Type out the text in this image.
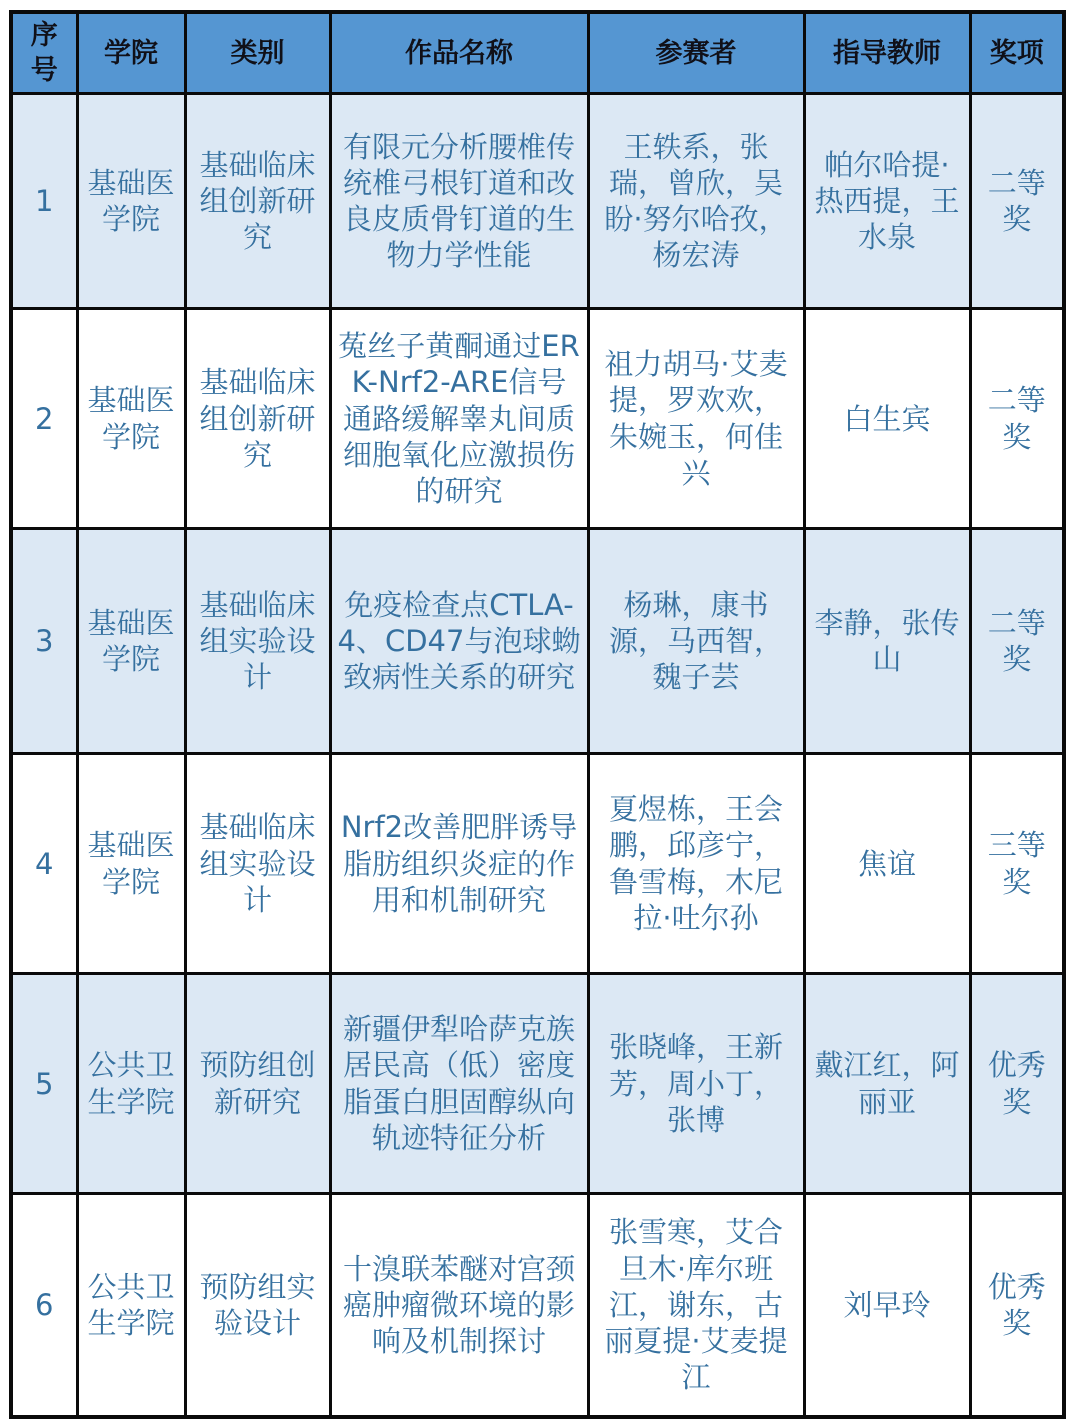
序号	学院	类别	作品名称	参赛者	指导教师	奖项
1	基础医学院	基础临床组创新研究	有限元分析腰椎传统椎弓根钉道和改良皮质骨钉道的生物力学性能	王轶系，张瑞，曾欣，吴盼·努尔哈孜，杨宏涛	帕尔哈提·热西提，王水泉	二等奖
2	基础医学院	基础临床组创新研究	菟丝子黄酮通过ERK-Nrf2-ARE信号通路缓解睾丸间质细胞氧化应激损伤的研究	祖力胡马·艾麦提，罗欢欢，朱婉玉，何佳兴	白生宾	二等奖
3	基础医学院	基础临床组实验设计	免疫检查点CTLA-4、CD47与泡球蚴致病性关系的研究	杨琳，康书源，马西智，魏子芸	李静，张传山	二等奖
4	基础医学院	基础临床组实验设计	Nrf2改善肥胖诱导脂肪组织炎症的作用和机制研究	夏煜栋，王会鹏，邱彦宁，鲁雪梅，木尼拉·吐尔孙	焦谊	三等奖
5	公共卫生学院	预防组创新研究	新疆伊犁哈萨克族居民高（低）密度脂蛋白胆固醇纵向轨迹特征分析	张晓峰，王新芳，周小丁，张博	戴江红，阿丽亚	优秀奖
6	公共卫生学院	预防组实验设计	十溴联苯醚对宫颈癌肿瘤微环境的影响及机制探讨	张雪寒，艾合旦木·库尔班江，谢东，古丽夏提·艾麦提江	刘早玲	优秀奖
